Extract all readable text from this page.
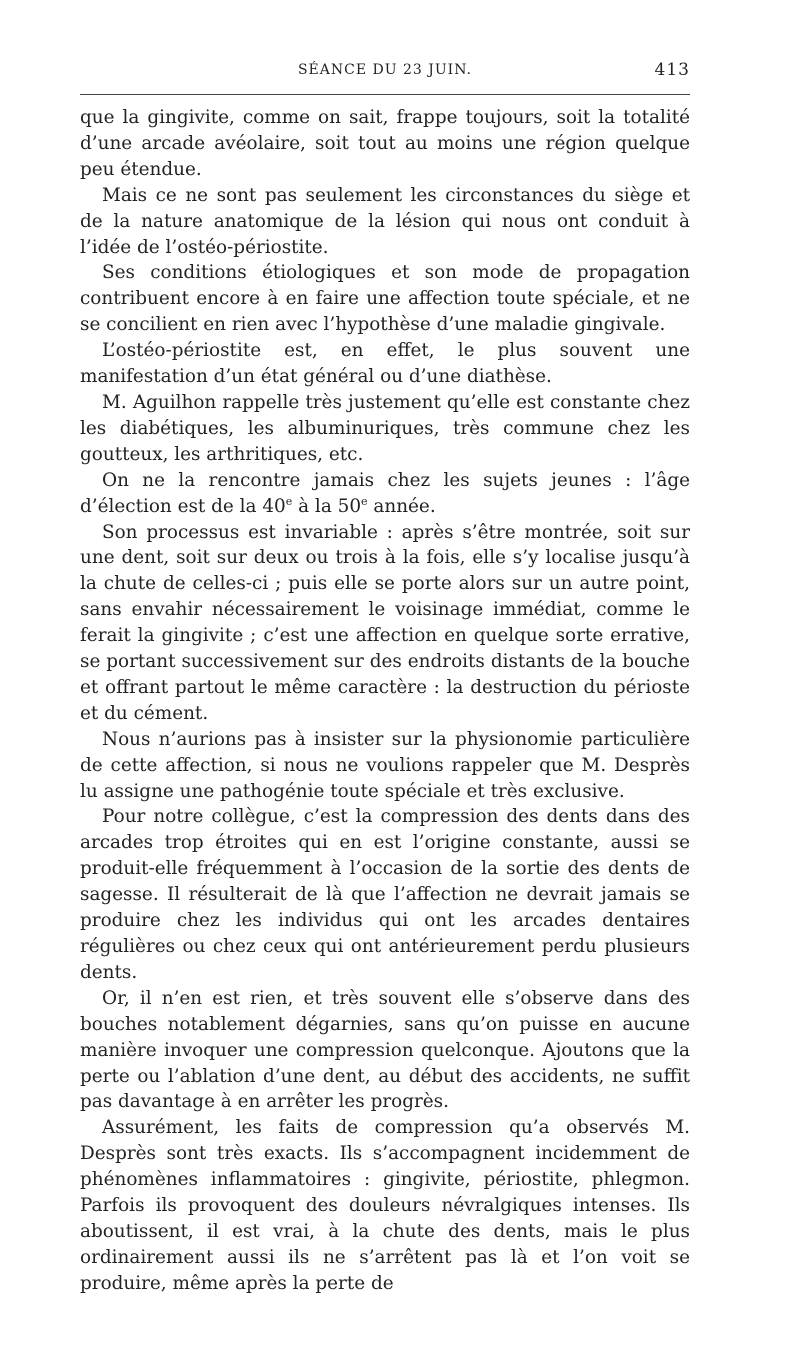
SÉANCE DU 23 JUIN.	413

que la gingivite, comme on sait, frappe toujours, soit la totalité d’une arcade avéolaire, soit tout au moins une région quelque peu étendue.

Mais ce ne sont pas seulement les circonstances du siège et de la nature anatomique de la lésion qui nous ont conduit à l’idée de l’ostéo-périostite.

Ses conditions étiologiques et son mode de propagation contribuent encore à en faire une affection toute spéciale, et ne se concilient en rien avec l’hypothèse d’une maladie gingivale.

L’ostéo-périostite est, en effet, le plus souvent une manifestation d’un état général ou d’une diathèse.

M. Aguilhon rappelle très justement qu’elle est constante chez les diabétiques, les albuminuriques, très commune chez les goutteux, les arthritiques, etc.

On ne la rencontre jamais chez les sujets jeunes : l’âge d’élection est de la 40e à la 50e année.

Son processus est invariable : après s’être montrée, soit sur une dent, soit sur deux ou trois à la fois, elle s’y localise jusqu’à la chute de celles-ci ; puis elle se porte alors sur un autre point, sans envahir nécessairement le voisinage immédiat, comme le ferait la gingivite ; c’est une affection en quelque sorte errative, se portant successivement sur des endroits distants de la bouche et offrant partout le même caractère : la destruction du périoste et du cément.

Nous n’aurions pas à insister sur la physionomie particulière de cette affection, si nous ne voulions rappeler que M. Desprès lu assigne une pathogénie toute spéciale et très exclusive.

Pour notre collègue, c’est la compression des dents dans des arcades trop étroites qui en est l’origine constante, aussi se produit-elle fréquemment à l’occasion de la sortie des dents de sagesse. Il résulterait de là que l’affection ne devrait jamais se produire chez les individus qui ont les arcades dentaires régulières ou chez ceux qui ont antérieurement perdu plusieurs dents.

Or, il n’en est rien, et très souvent elle s’observe dans des bouches notablement dégarnies, sans qu’on puisse en aucune manière invoquer une compression quelconque. Ajoutons que la perte ou l’ablation d’une dent, au début des accidents, ne suffit pas davantage à en arrêter les progrès.

Assurément, les faits de compression qu’a observés M. Desprès sont très exacts. Ils s’accompagnent incidemment de phénomènes inflammatoires : gingivite, périostite, phlegmon. Parfois ils provoquent des douleurs névralgiques intenses. Ils aboutissent, il est vrai, à la chute des dents, mais le plus ordinairement aussi ils ne s’arrêtent pas là et l’on voit se produire, même après la perte de
